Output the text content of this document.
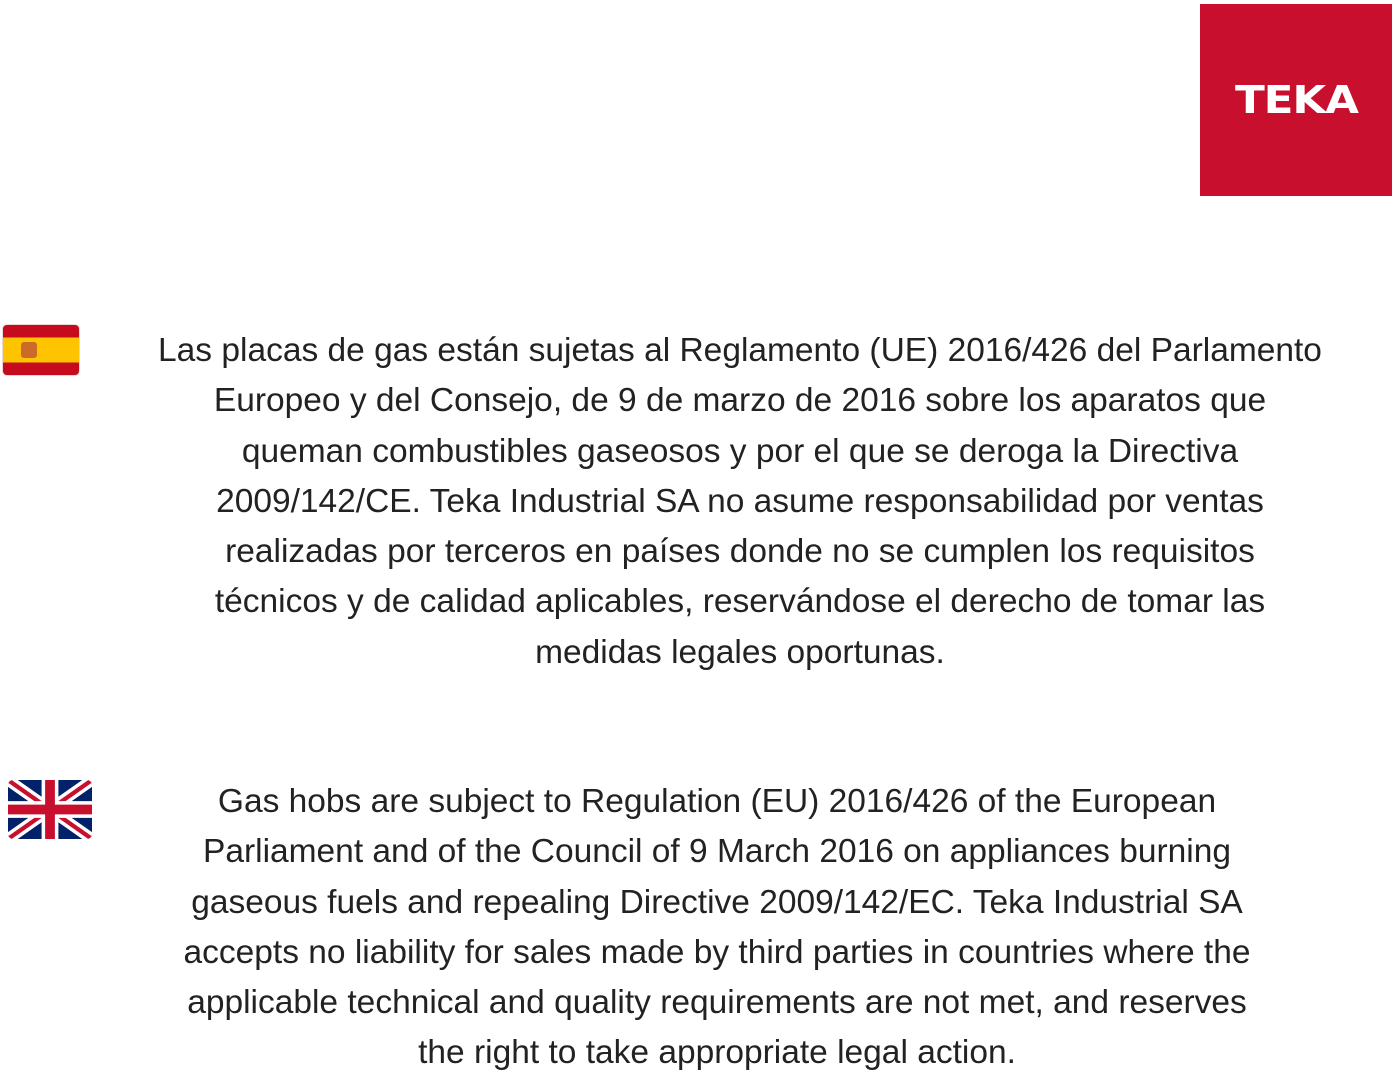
TEKA
Las placas de gas están sujetas al Reglamento (UE) 2016/426 del Parlamento
Europeo y del Consejo, de 9 de marzo de 2016 sobre los aparatos que
queman combustibles gaseosos y por el que se deroga la Directiva
2009/142/CE. Teka Industrial SA no asume responsabilidad por ventas
realizadas por terceros en países donde no se cumplen los requisitos
técnicos y de calidad aplicables, reservándose el derecho de tomar las
medidas legales oportunas.
Gas hobs are subject to Regulation (EU) 2016/426 of the European
Parliament and of the Council of 9 March 2016 on appliances burning
gaseous fuels and repealing Directive 2009/142/EC. Teka Industrial SA
accepts no liability for sales made by third parties in countries where the
applicable technical and quality requirements are not met, and reserves
the right to take appropriate legal action.
